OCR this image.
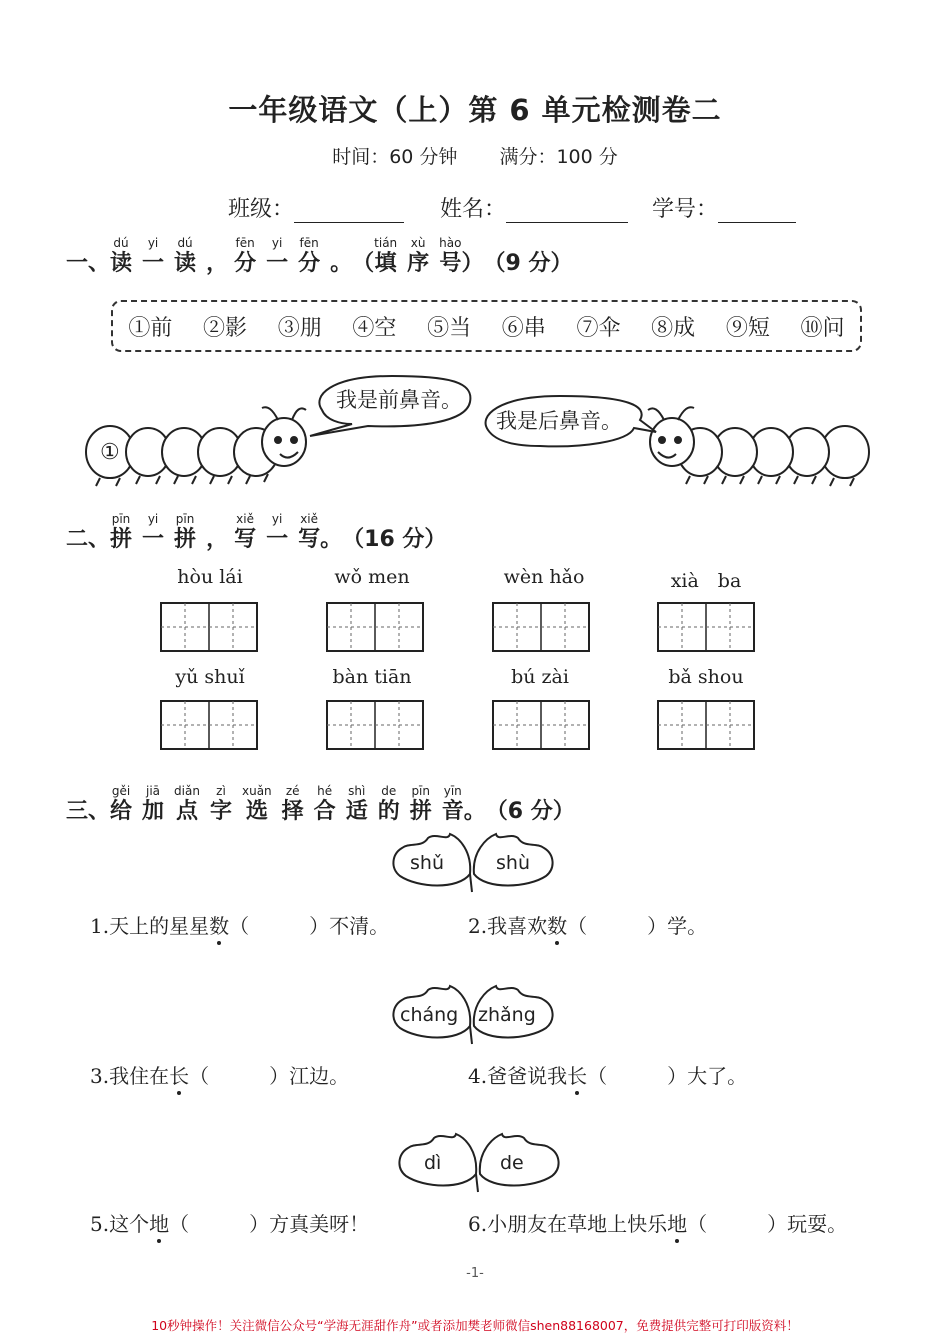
一年级语文（上）第 6 单元检测卷二
时间：60 分钟 满分：100 分
班级：	姓名：	学号：
一、
dú
读
yi
一
dú
读 ，
fēn
分
yi
一
fēn
分 。 （
tián
填
xù
序
hào
号 ） （9 分）
①前 ②影 ③朋 ④空 ⑤当 ⑥串 ⑦伞 ⑧成 ⑨短 ⑩问
我是前鼻音。
我是后鼻音。
①
二、
pīn
拼
yi
一
pīn
拼 ，
xiě
写
yi
一
xiě
写 。 （16 分）
hòu lái	wǒ men	wèn hǎo	xià　ba
yǔ shuǐ	bàn tiān	bú zài	bǎ shou
三、
gěi
给
jiā
加
diǎn
点
zì
字
xuǎn
选
zé
择
hé
合
shì
适
de
的
pīn
拼
yīn
音 。 （6 分）
shǔ	shù
1.天上的星星数（　　　）不清。	2.我喜欢数（　　　）学。
cháng zhǎng
3.我住在长（　　　）江边。	4.爸爸说我长（　　　）大了。
dì	de
5.这个地（　　　）方真美呀！	6.小朋友在草地上快乐地（　　　）玩耍。
-1-
10秒钟操作！关注微信公众号“学海无涯甜作舟”或者添加樊老师微信shen88168007，免费提供完整可打印版资料！
